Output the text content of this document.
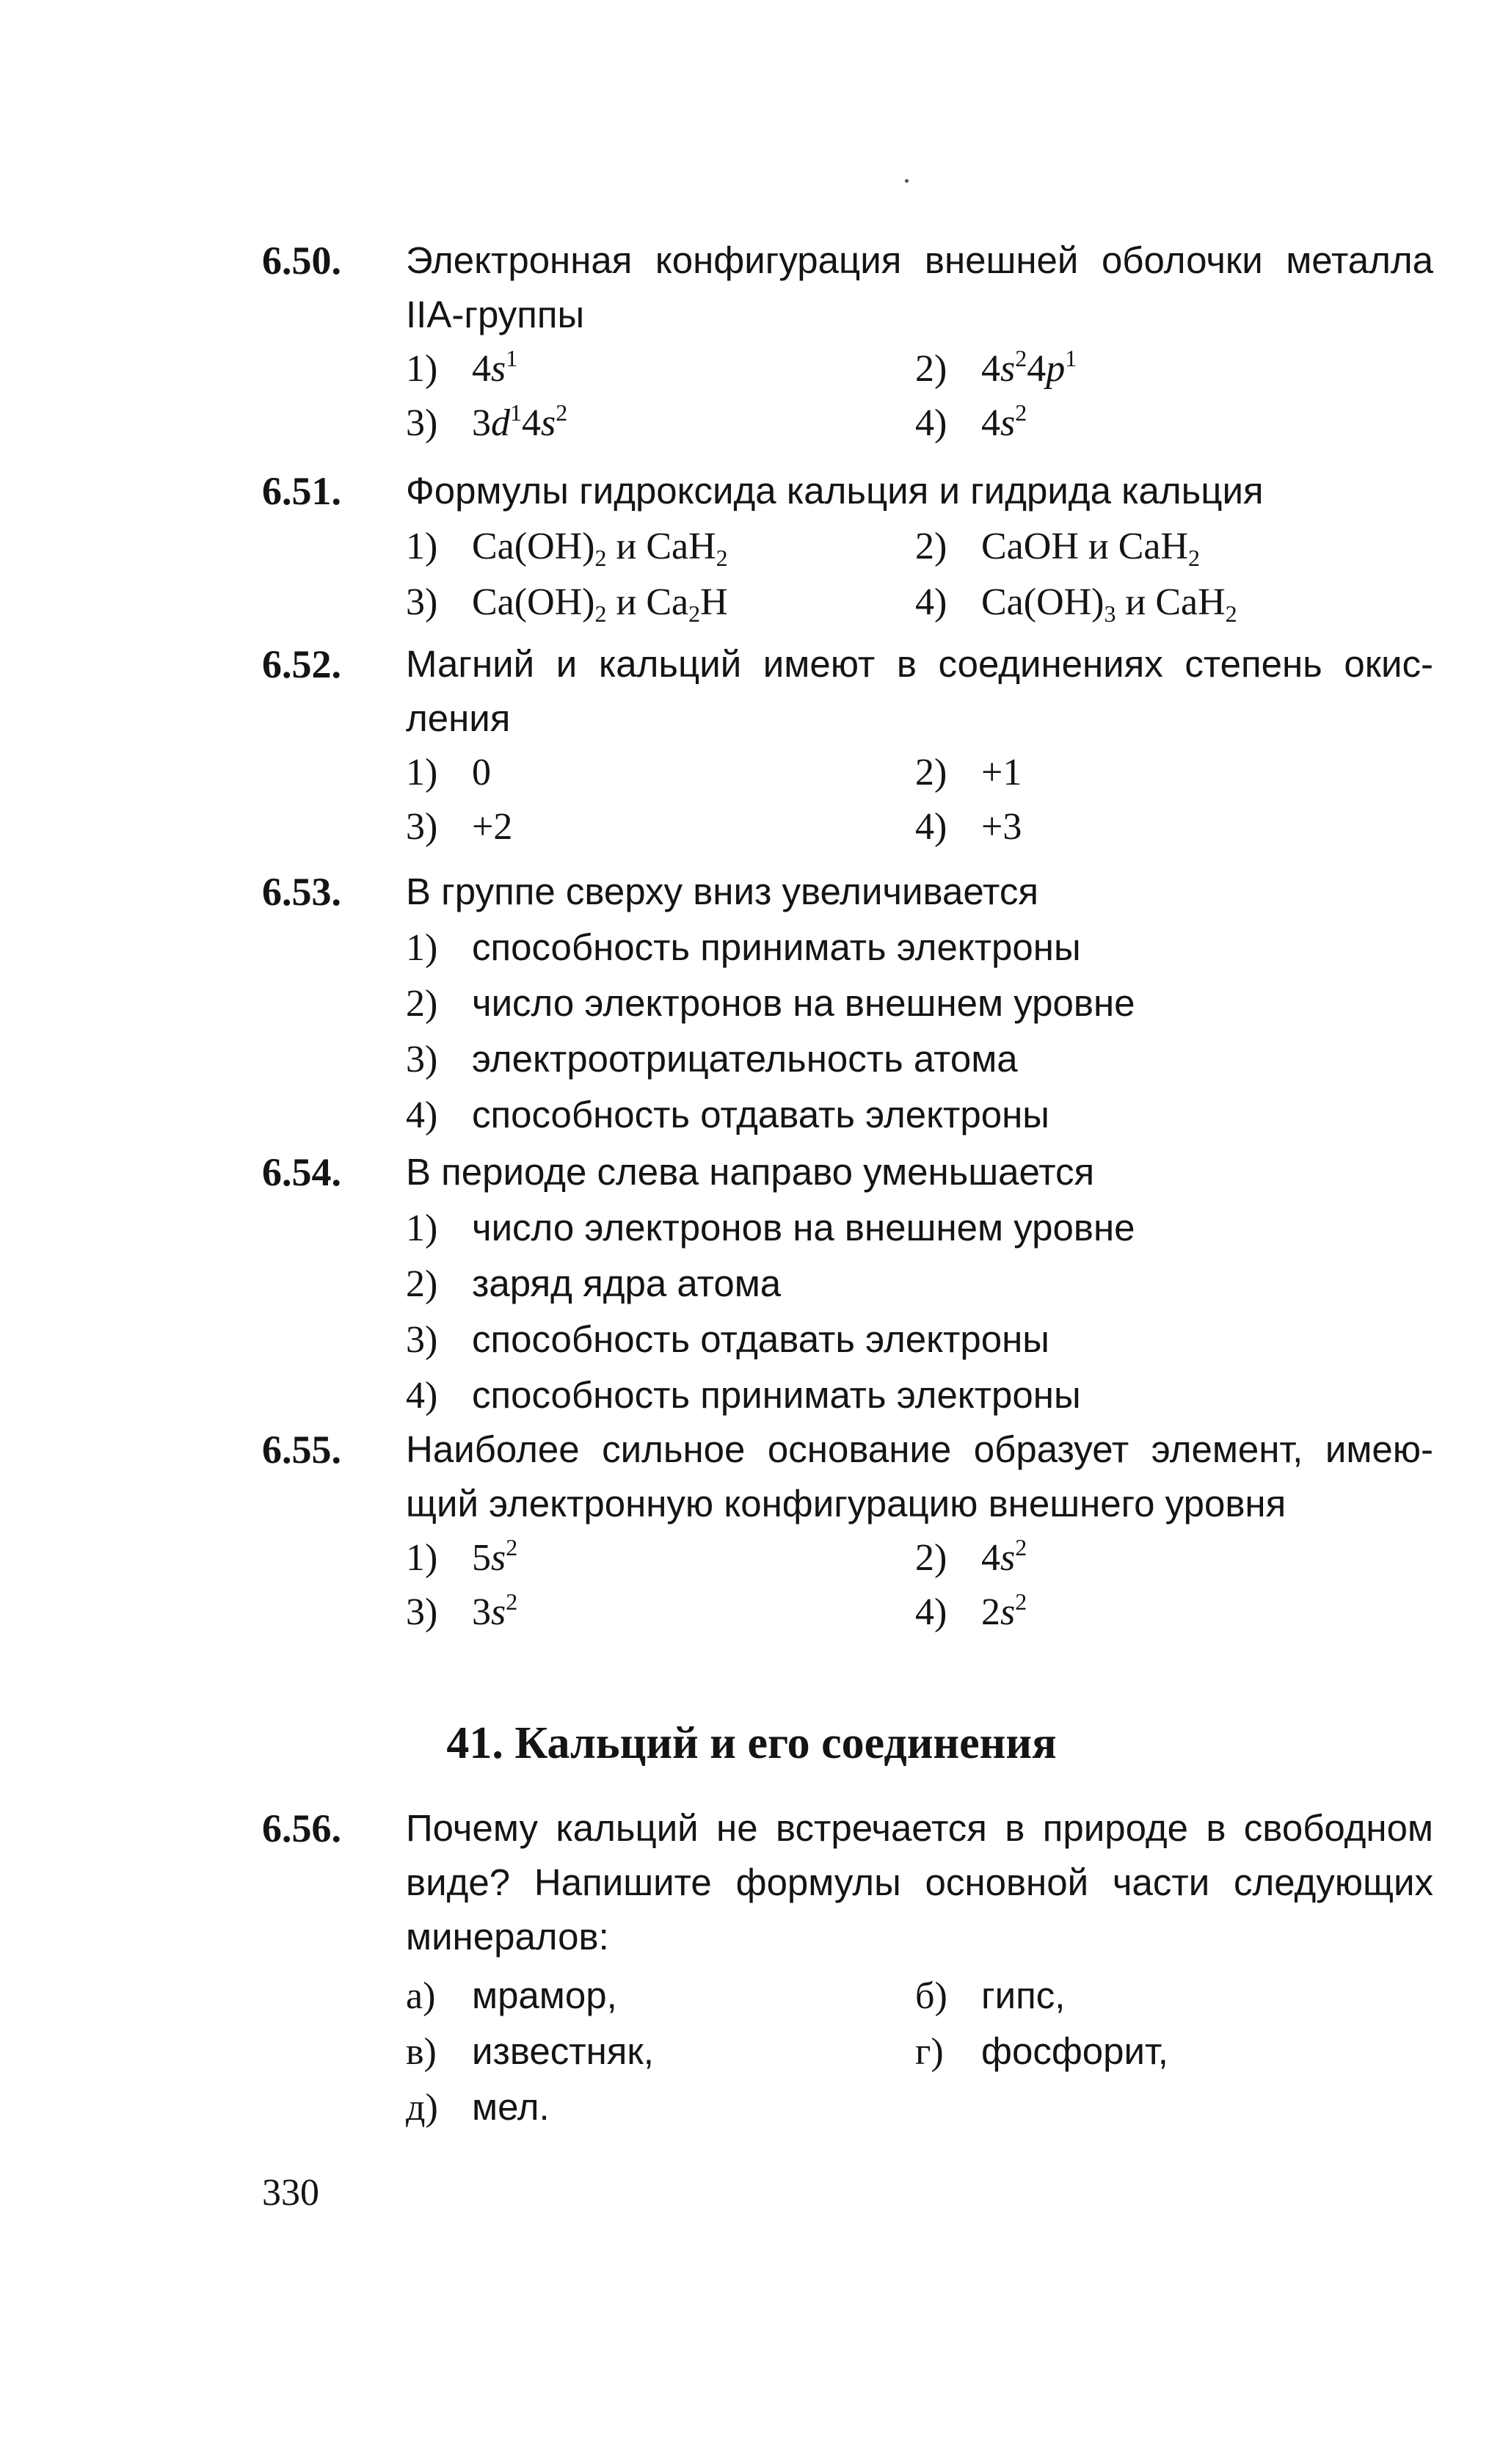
6.50. Электронная конфигурация внешней оболочки металла
IIА-группы
1) $4s^1$	2) $4s^24p^1$
3) $3d^14s^2$	4) $4s^2$
6.51. Формулы гидроксида кальция и гидрида кальция
1) $Ca(OH)_2$ и CaH$_2$	2) CaOH и CaH$_2$
3) $Ca(OH)_2$ и $Ca_2H$	4) $Ca(OH)_3$ и CaH$_2$
6.52. Магний и кальций имеют в соединениях степень окис-
ления
1) 0	2) +1
3) +2	4) +3
6.53. В группе сверху вниз увеличивается
1) способность принимать электроны
2) число электронов на внешнем уровне
3) электроотрицательность атома
4) способность отдавать электроны
6.54. В периоде слева направо уменьшается
1) число электронов на внешнем уровне
2) заряд ядра атома
3) способность отдавать электроны
4) способность принимать электроны
6.55. Наиболее сильное основание образует элемент, имею-
щий электронную конфигурацию внешнего уровня
1) $5s^2$	2) $4s^2$
3) $3s^2$	4) $2s^2$
41. Кальций и его соединения
6.56. Почему кальций не встречается в природе в свободном
виде? Напишите формулы основной части следующих
минералов:
а) мрамор,	б) гипс,
в) известняк,	г) фосфорит,
д) мел.
330
